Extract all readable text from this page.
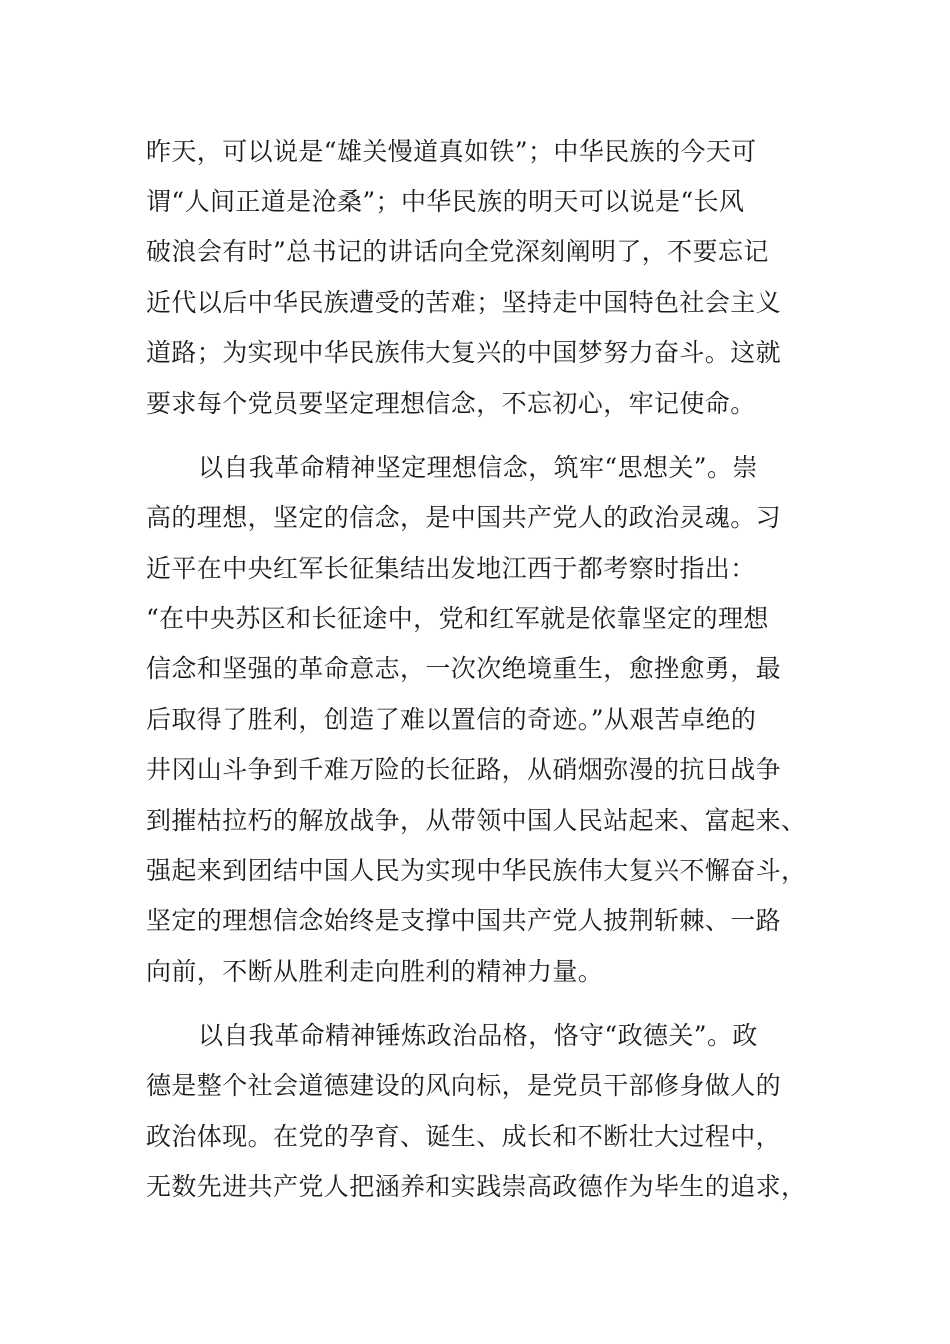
昨天，可以说是“雄关慢道真如铁”；中华民族的今天可
谓“人间正道是沧桑”；中华民族的明天可以说是“长风
破浪会有时”总书记的讲话向全党深刻阐明了，不要忘记
近代以后中华民族遭受的苦难；坚持走中国特色社会主义
道路；为实现中华民族伟大复兴的中国梦努力奋斗。这就
要求每个党员要坚定理想信念，不忘初心，牢记使命。
以自我革命精神坚定理想信念，筑牢“思想关”。崇
高的理想，坚定的信念，是中国共产党人的政治灵魂。习
近平在中央红军长征集结出发地江西于都考察时指出：
“在中央苏区和长征途中，党和红军就是依靠坚定的理想
信念和坚强的革命意志，一次次绝境重生，愈挫愈勇，最
后取得了胜利，创造了难以置信的奇迹。”从艰苦卓绝的
井冈山斗争到千难万险的长征路，从硝烟弥漫的抗日战争
到摧枯拉朽的解放战争，从带领中国人民站起来、富起来、
强起来到团结中国人民为实现中华民族伟大复兴不懈奋斗，
坚定的理想信念始终是支撑中国共产党人披荆斩棘、一路
向前，不断从胜利走向胜利的精神力量。
以自我革命精神锤炼政治品格，恪守“政德关”。政
德是整个社会道德建设的风向标，是党员干部修身做人的
政治体现。在党的孕育、诞生、成长和不断壮大过程中，
无数先进共产党人把涵养和实践崇高政德作为毕生的追求，
